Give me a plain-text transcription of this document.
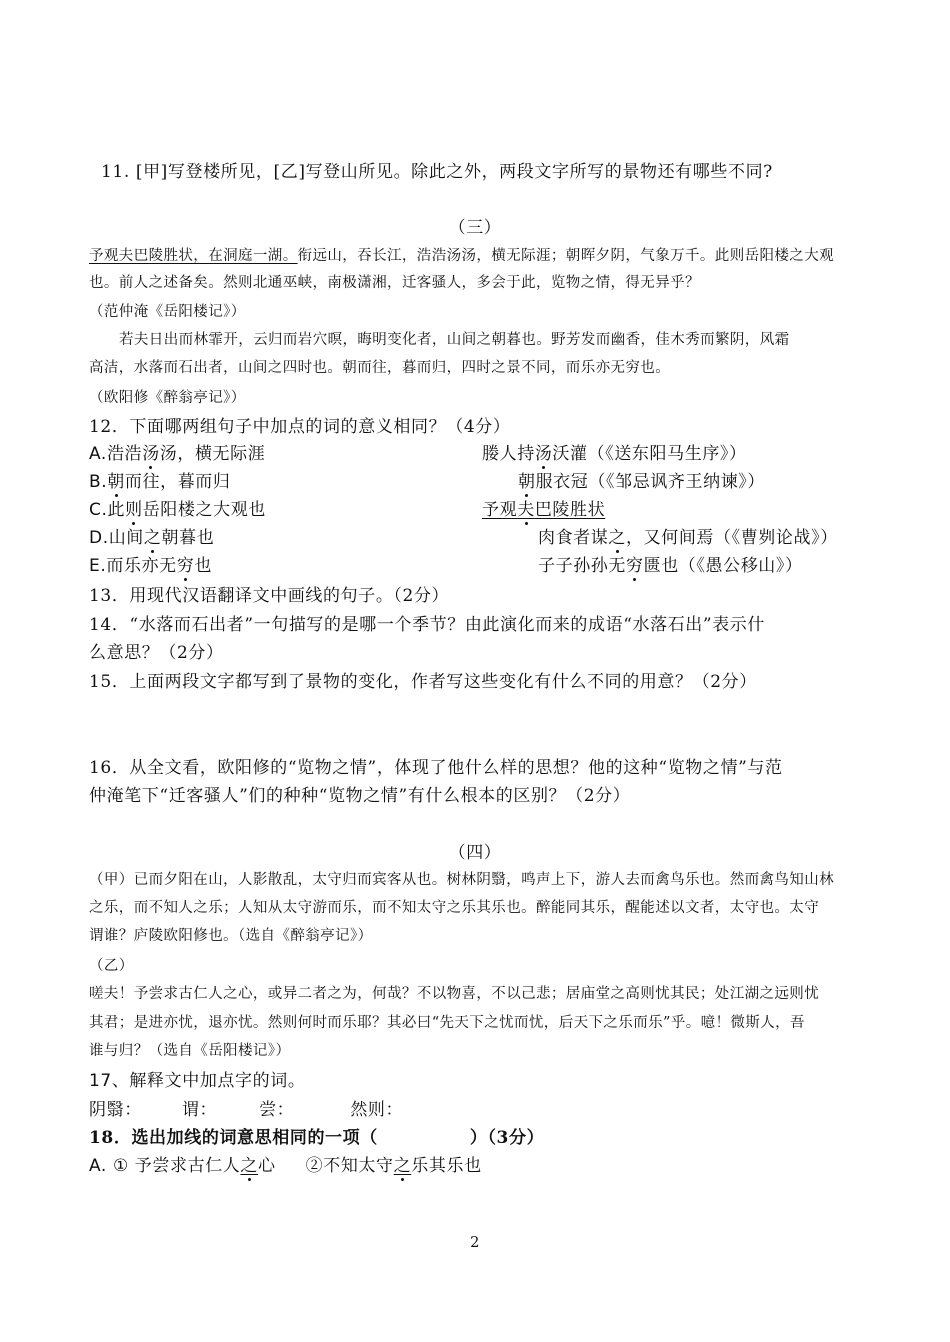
11. [甲]写登楼所见，[乙]写登山所见。除此之外，两段文字所写的景物还有哪些不同?
（三）
予观夫巴陵胜状，在洞庭一湖。衔远山，吞长江，浩浩汤汤，横无际涯；朝晖夕阴，气象万千。此则岳阳楼之大观
也。前人之述备矣。然则北通巫峡，南极潇湘，迁客骚人，多会于此，览物之情，得无异乎？
（范仲淹《岳阳楼记》）
若夫日出而林霏开，云归而岩穴暝，晦明变化者，山间之朝暮也。野芳发而幽香，佳木秀而繁阴，风霜
高洁，水落而石出者，山间之四时也。朝而往，暮而归，四时之景不同，而乐亦无穷也。
（欧阳修《醉翁亭记》）
12．下面哪两组句子中加点的词的意义相同？（4分）
A.浩浩汤汤，横无际涯	媵人持汤沃灌（《送东阳马生序》）
B.朝而往，暮而归	朝服衣冠（《邹忌讽齐王纳谏》）
C.此则岳阳楼之大观也	予观夫巴陵胜状
D.山间之朝暮也	肉食者谋之，又何间焉（《曹刿论战》）
E.而乐亦无穷也	子子孙孙无穷匮也（《愚公移山》）
13．用现代汉语翻译文中画线的句子。（2分）
14．“水落而石出者”一句描写的是哪一个季节？由此演化而来的成语“水落石出”表示什
么意思？（2分）
15．上面两段文字都写到了景物的变化，作者写这些变化有什么不同的用意？（2分）
16．从全文看，欧阳修的“览物之情”，体现了他什么样的思想？他的这种“览物之情”与范
仲淹笔下“迁客骚人”们的种种“览物之情”有什么根本的区别？（2分）
（四）
（甲）已而夕阳在山，人影散乱，太守归而宾客从也。树林阴翳，鸣声上下，游人去而禽鸟乐也。然而禽鸟知山林
之乐，而不知人之乐；人知从太守游而乐，而不知太守之乐其乐也。醉能同其乐，醒能述以文者，太守也。太守
谓谁？庐陵欧阳修也。（选自《醉翁亭记》）
（乙）
嗟夫！予尝求古仁人之心，或异二者之为，何哉？不以物喜，不以己悲；居庙堂之高则忧其民；处江湖之远则忧
其君；是进亦忧，退亦忧。然则何时而乐耶？其必曰“先天下之忧而忧，后天下之乐而乐”乎。噫！微斯人，吾
谁与归？（选自《岳阳楼记》）
17、解释文中加点字的词。
阴翳： 谓： 尝：	然则：
18．选出加线的词意思相同的一项（	）（3分）
A. ① 予尝求古仁人之心 ②不知太守之乐其乐也
2
